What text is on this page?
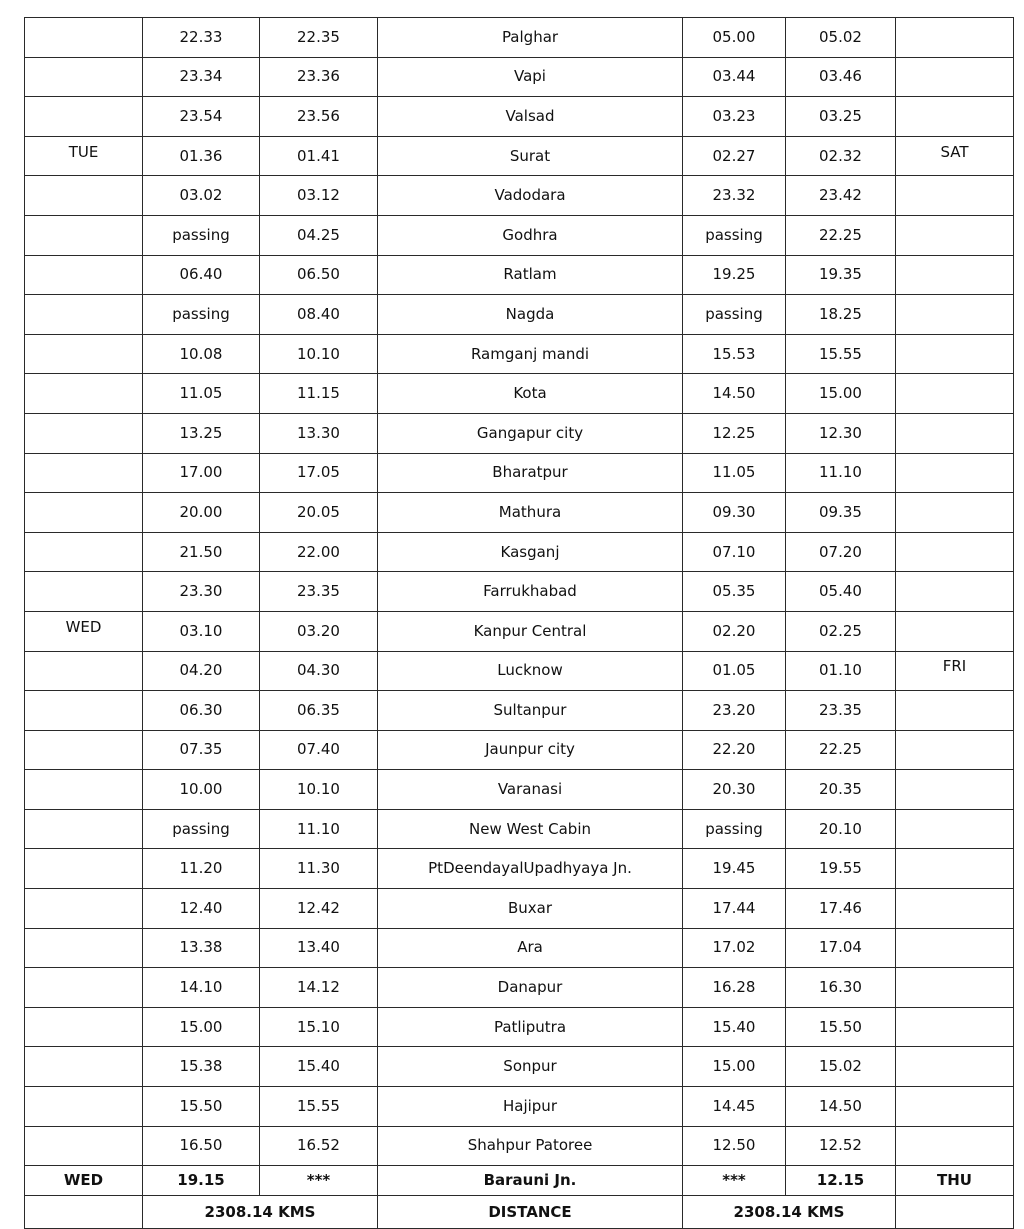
	22.33	22.35	Palghar	05.00	05.02	
	23.34	23.36	Vapi	03.44	03.46	
	23.54	23.56	Valsad	03.23	03.25	
TUE	01.36	01.41	Surat	02.27	02.32	SAT
	03.02	03.12	Vadodara	23.32	23.42	
	passing	04.25	Godhra	passing	22.25	
	06.40	06.50	Ratlam	19.25	19.35	
	passing	08.40	Nagda	passing	18.25	
	10.08	10.10	Ramganj mandi	15.53	15.55	
	11.05	11.15	Kota	14.50	15.00	
	13.25	13.30	Gangapur city	12.25	12.30	
	17.00	17.05	Bharatpur	11.05	11.10	
	20.00	20.05	Mathura	09.30	09.35	
	21.50	22.00	Kasganj	07.10	07.20	
	23.30	23.35	Farrukhabad	05.35	05.40	
WED	03.10	03.20	Kanpur Central	02.20	02.25	
	04.20	04.30	Lucknow	01.05	01.10	FRI
	06.30	06.35	Sultanpur	23.20	23.35	
	07.35	07.40	Jaunpur city	22.20	22.25	
	10.00	10.10	Varanasi	20.30	20.35	
	passing	11.10	New West Cabin	passing	20.10	
	11.20	11.30	PtDeendayalUpadhyaya Jn.	19.45	19.55	
	12.40	12.42	Buxar	17.44	17.46	
	13.38	13.40	Ara	17.02	17.04	
	14.10	14.12	Danapur	16.28	16.30	
	15.00	15.10	Patliputra	15.40	15.50	
	15.38	15.40	Sonpur	15.00	15.02	
	15.50	15.55	Hajipur	14.45	14.50	
	16.50	16.52	Shahpur Patoree	12.50	12.52	
WED	19.15	***	Barauni Jn.	***	12.15	THU
	2308.14 KMS		DISTANCE	2308.14 KMS		
